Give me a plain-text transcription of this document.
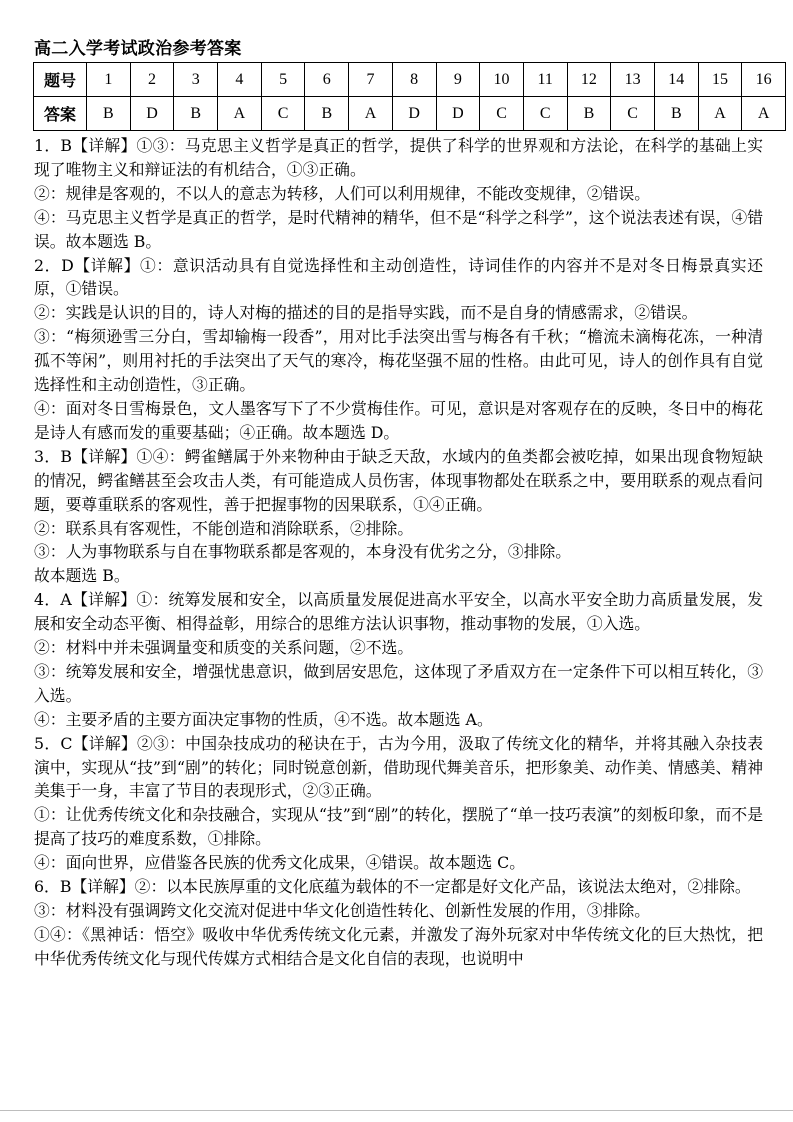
高二入学考试政治参考答案
题号	1	2	3	4	5	6	7	8	9	10	11	12	13	14	15	16
答案	B	D	B	A	C	B	A	D	D	C	C	B	C	B	A	A

1．B【详解】①③：马克思主义哲学是真正的哲学，提供了科学的世界观和方法论，在科学的基础上实现了唯物主义和辩证法的有机结合，①③正确。

②：规律是客观的，不以人的意志为转移，人们可以利用规律，不能改变规律，②错误。

④：马克思主义哲学是真正的哲学，是时代精神的精华，但不是“科学之科学”，这个说法表述有误，④错误。故本题选 B。

2．D【详解】①：意识活动具有自觉选择性和主动创造性，诗词佳作的内容并不是对冬日梅景真实还原，①错误。

②：实践是认识的目的，诗人对梅的描述的目的是指导实践，而不是自身的情感需求，②错误。

③：“梅须逊雪三分白，雪却输梅一段香”，用对比手法突出雪与梅各有千秋；“檐流未滴梅花冻，一种清孤不等闲”，则用衬托的手法突出了天气的寒冷，梅花坚强不屈的性格。由此可见，诗人的创作具有自觉选择性和主动创造性，③正确。

④：面对冬日雪梅景色，文人墨客写下了不少赏梅佳作。可见，意识是对客观存在的反映，冬日中的梅花是诗人有感而发的重要基础；④正确。故本题选 D。

3．B【详解】①④：鳄雀鳝属于外来物种由于缺乏天敌，水域内的鱼类都会被吃掉，如果出现食物短缺的情况，鳄雀鳝甚至会攻击人类，有可能造成人员伤害，体现事物都处在联系之中，要用联系的观点看问题，要尊重联系的客观性，善于把握事物的因果联系，①④正确。

②：联系具有客观性，不能创造和消除联系，②排除。

③：人为事物联系与自在事物联系都是客观的，本身没有优劣之分，③排除。

故本题选 B。

4．A【详解】①：统筹发展和安全，以高质量发展促进高水平安全，以高水平安全助力高质量发展，发展和安全动态平衡、相得益彰，用综合的思维方法认识事物，推动事物的发展，①入选。

②：材料中并未强调量变和质变的关系问题，②不选。

③：统筹发展和安全，增强忧患意识，做到居安思危，这体现了矛盾双方在一定条件下可以相互转化，③入选。

④：主要矛盾的主要方面决定事物的性质，④不选。故本题选 A。

5．C【详解】②③：中国杂技成功的秘诀在于，古为今用，汲取了传统文化的精华，并将其融入杂技表演中，实现从“技”到“剧”的转化；同时锐意创新，借助现代舞美音乐，把形象美、动作美、情感美、精神美集于一身，丰富了节目的表现形式，②③正确。

①：让优秀传统文化和杂技融合，实现从“技”到“剧”的转化，摆脱了“单一技巧表演”的刻板印象，而不是提高了技巧的难度系数，①排除。

④：面向世界，应借鉴各民族的优秀文化成果，④错误。故本题选 C。

6．B【详解】②：以本民族厚重的文化底蕴为载体的不一定都是好文化产品，该说法太绝对，②排除。

③：材料没有强调跨文化交流对促进中华文化创造性转化、创新性发展的作用，③排除。

①④：《黑神话：悟空》吸收中华优秀传统文化元素，并激发了海外玩家对中华传统文化的巨大热忱，把中华优秀传统文化与现代传媒方式相结合是文化自信的表现，也说明中
